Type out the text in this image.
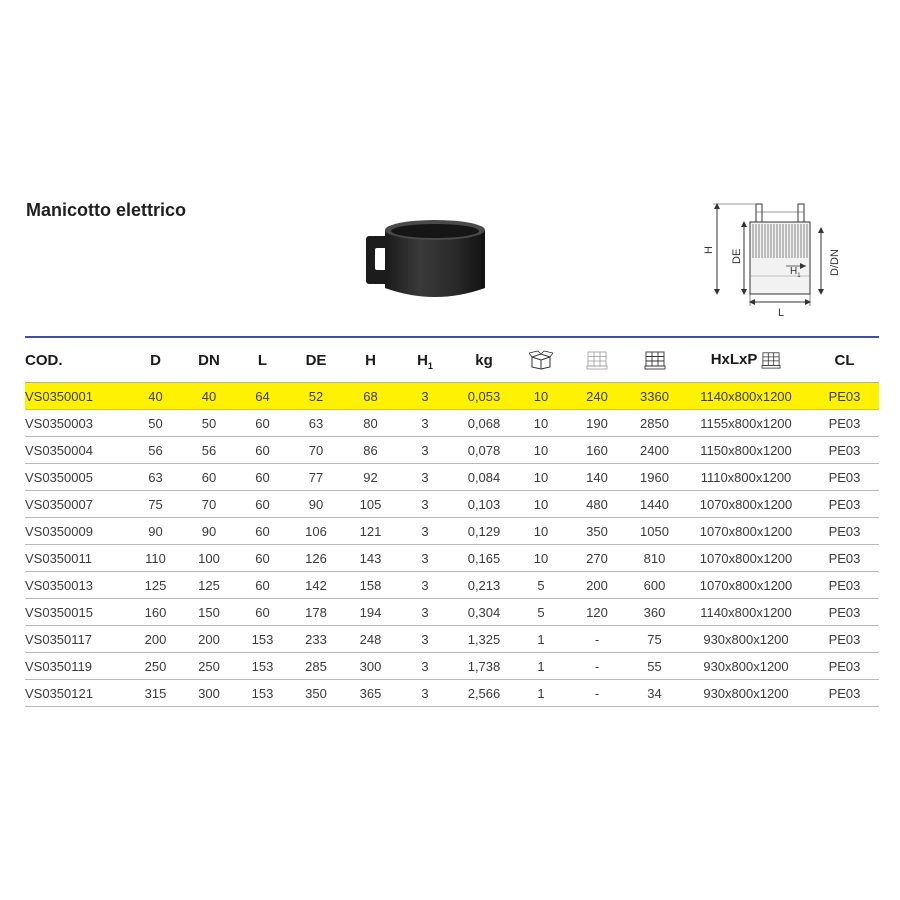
Manicotto elettrico
H DE
$H_1$	D/DN
L
COD.	D	DN	L	DE	H	$H_1$	kg				HxLxP	CL
VS0350001	40	40	64	52	68	3	0,053	10	240	3360	1140x800x1200	PE03
VS0350003	50	50	60	63	80	3	0,068	10	190	2850	1155x800x1200	PE03
VS0350004	56	56	60	70	86	3	0,078	10	160	2400	1150x800x1200	PE03
VS0350005	63	60	60	77	92	3	0,084	10	140	1960	1110x800x1200	PE03
VS0350007	75	70	60	90	105	3	0,103	10	480	1440	1070x800x1200	PE03
VS0350009	90	90	60	106	121	3	0,129	10	350	1050	1070x800x1200	PE03
VS0350011	110	100	60	126	143	3	0,165	10	270	810	1070x800x1200	PE03
VS0350013	125	125	60	142	158	3	0,213	5	200	600	1070x800x1200	PE03
VS0350015	160	150	60	178	194	3	0,304	5	120	360	1140x800x1200	PE03
VS0350117	200	200	153	233	248	3	1,325	1	-	75	930x800x1200	PE03
VS0350119	250	250	153	285	300	3	1,738	1	-	55	930x800x1200	PE03
VS0350121	315	300	153	350	365	3	2,566	1	-	34	930x800x1200	PE03
